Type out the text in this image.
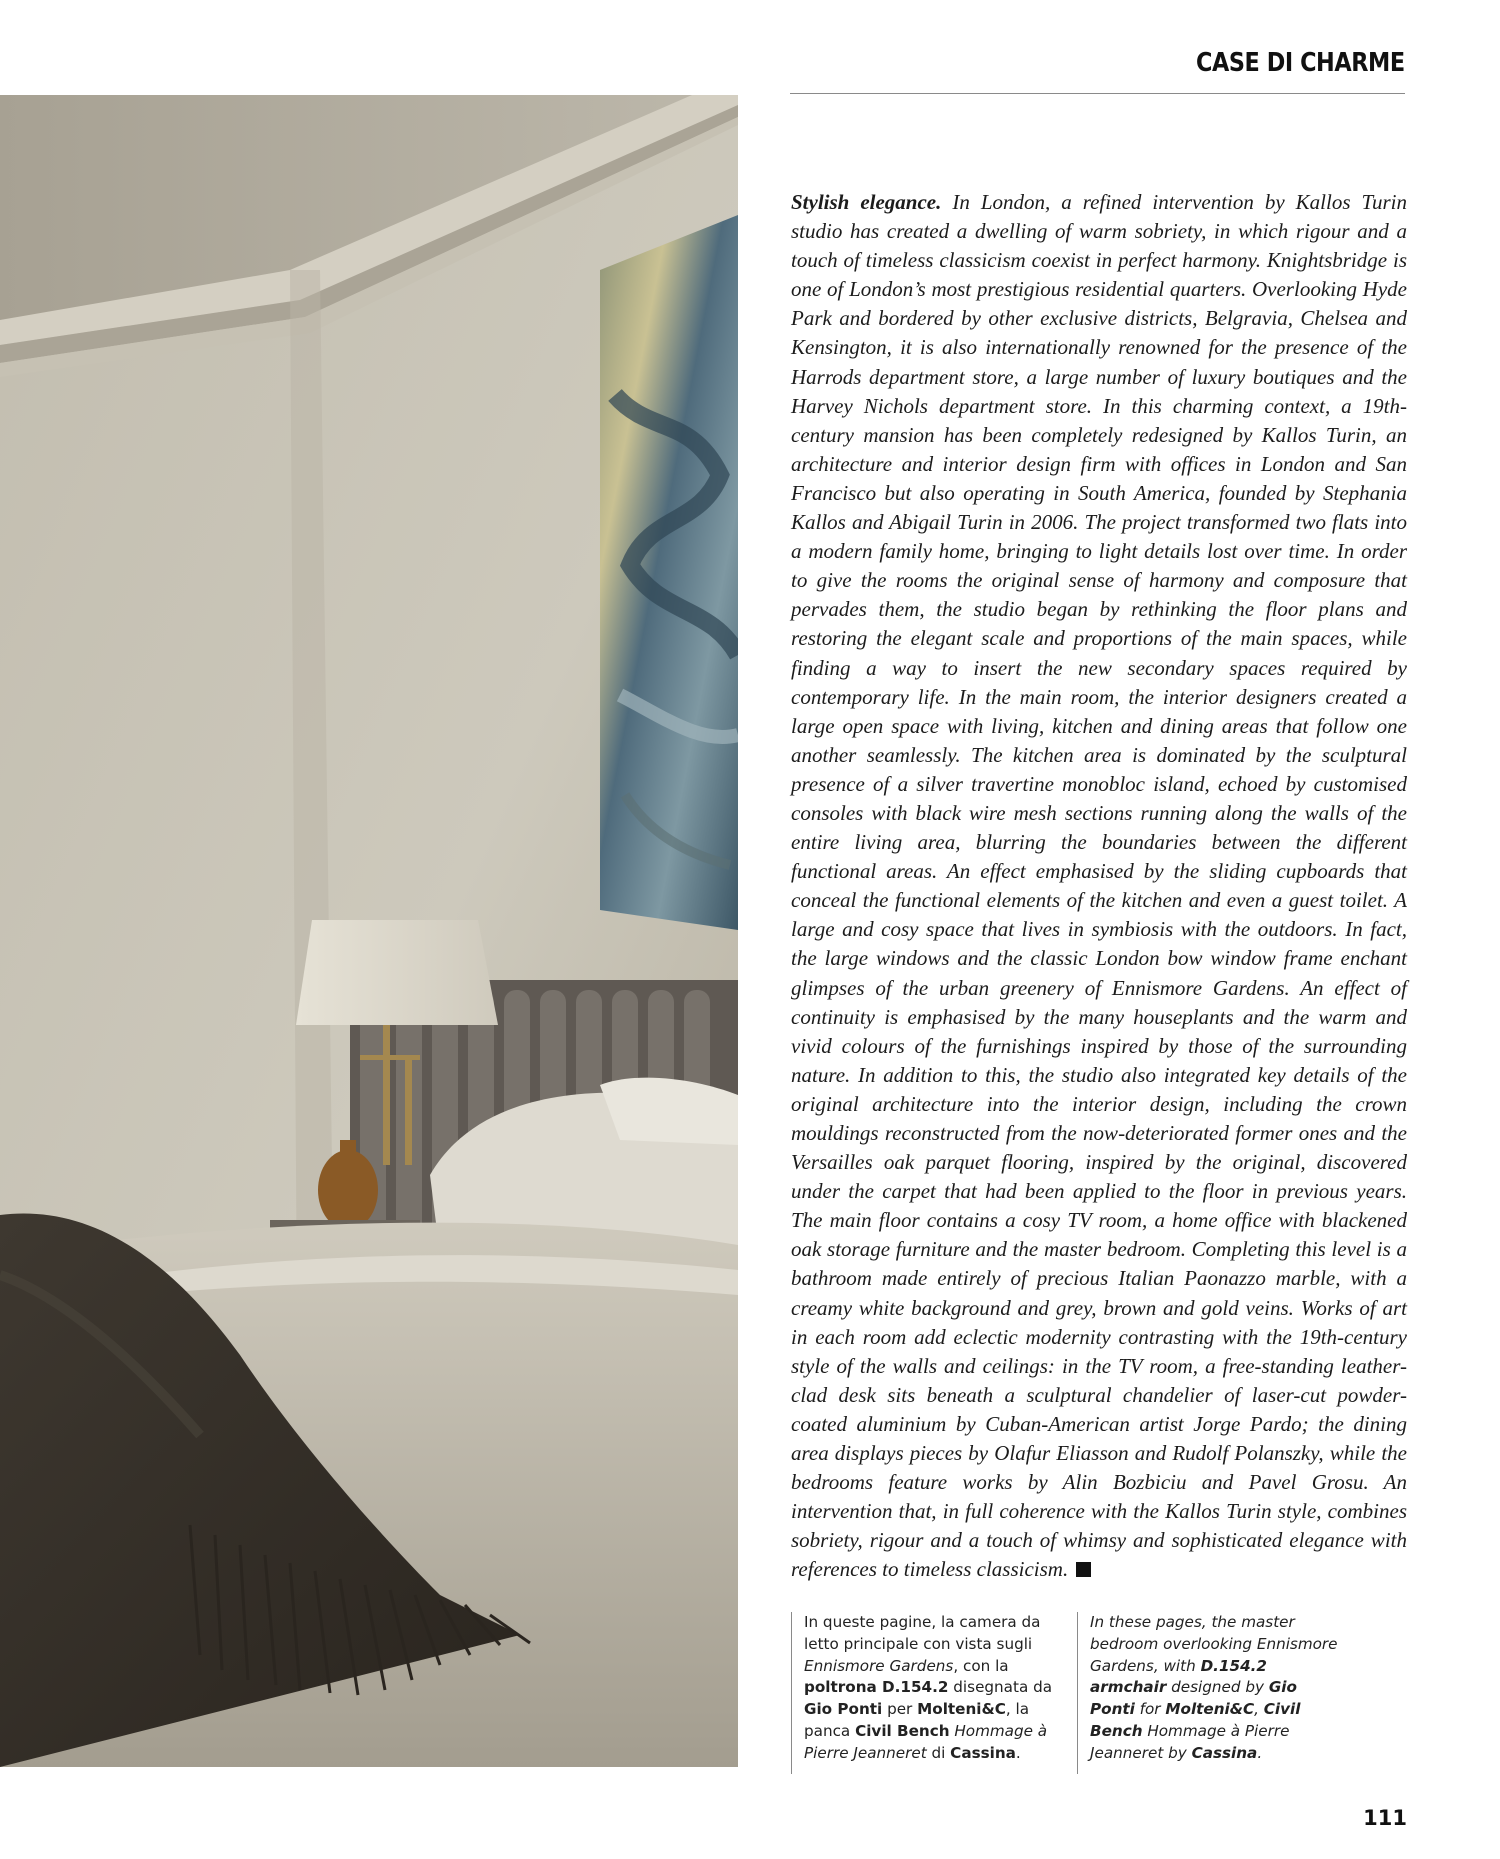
CASE DI CHARME

Stylish elegance. In London, a refined intervention by Kallos Turin studio has created a dwelling of warm sobriety, in which rigour and a touch of timeless classicism coexist in perfect harmony. Knightsbridge is one of London’s most prestigious residential quarters. Overlooking Hyde Park and bordered by other exclusive districts, Belgravia, Chelsea and Kensington, it is also internationally renowned for the presence of the Harrods department store, a large number of luxury boutiques and the Harvey Nichols department store. In this charming context, a 19th-century mansion has been completely redesigned by Kallos Turin, an architecture and interior design firm with offices in London and San Francisco but also operating in South America, founded by Stephania Kallos and Abigail Turin in 2006. The project transformed two flats into a modern family home, bringing to light details lost over time. In order to give the rooms the original sense of harmony and composure that pervades them, the studio began by rethinking the floor plans and restoring the elegant scale and proportions of the main spaces, while finding a way to insert the new secondary spaces required by contemporary life. In the main room, the interior designers created a large open space with living, kitchen and dining areas that follow one another seamlessly. The kitchen area is dominated by the sculptural presence of a silver travertine monobloc island, echoed by customised consoles with black wire mesh sections running along the walls of the entire living area, blurring the boundaries between the different functional areas. An effect emphasised by the sliding cupboards that conceal the functional elements of the kitchen and even a guest toilet. A large and cosy space that lives in symbiosis with the outdoors. In fact, the large windows and the classic London bow window frame enchant glimpses of the urban greenery of Ennismore Gardens. An effect of continuity is emphasised by the many houseplants and the warm and vivid colours of the furnishings inspired by those of the surrounding nature. In addition to this, the studio also integrated key details of the original architecture into the interior design, including the crown mouldings reconstructed from the now-deteriorated former ones and the Versailles oak parquet flooring, inspired by the original, discovered under the carpet that had been applied to the floor in previous years. The main floor contains a cosy TV room, a home office with blackened oak storage furniture and the master bedroom. Completing this level is a bathroom made entirely of precious Italian Paonazzo marble, with a creamy white background and grey, brown and gold veins. Works of art in each room add eclectic modernity contrasting with the 19th-century style of the walls and ceilings: in the TV room, a free-standing leather-clad desk sits beneath a sculptural chandelier of laser-cut powder-coated aluminium by Cuban-American artist Jorge Pardo; the dining area displays pieces by Olafur Eliasson and Rudolf Polanszky, while the bedrooms feature works by Alin Bozbiciu and Pavel Grosu. An intervention that, in full coherence with the Kallos Turin style, combines sobriety, rigour and a touch of whimsy and sophisticated elegance with references to timeless classicism.

In queste pagine, la camera da letto principale con vista sugli Ennismore Gardens, con la poltrona D.154.2 disegnata da Gio Ponti per Molteni&C, la panca Civil Bench Hommage à Pierre Jeanneret di Cassina.
In these pages, the master bedroom overlooking Ennismore Gardens, with D.154.2 armchair designed by Gio Ponti for Molteni&C, Civil Bench Hommage à Pierre Jeanneret by Cassina.
111
